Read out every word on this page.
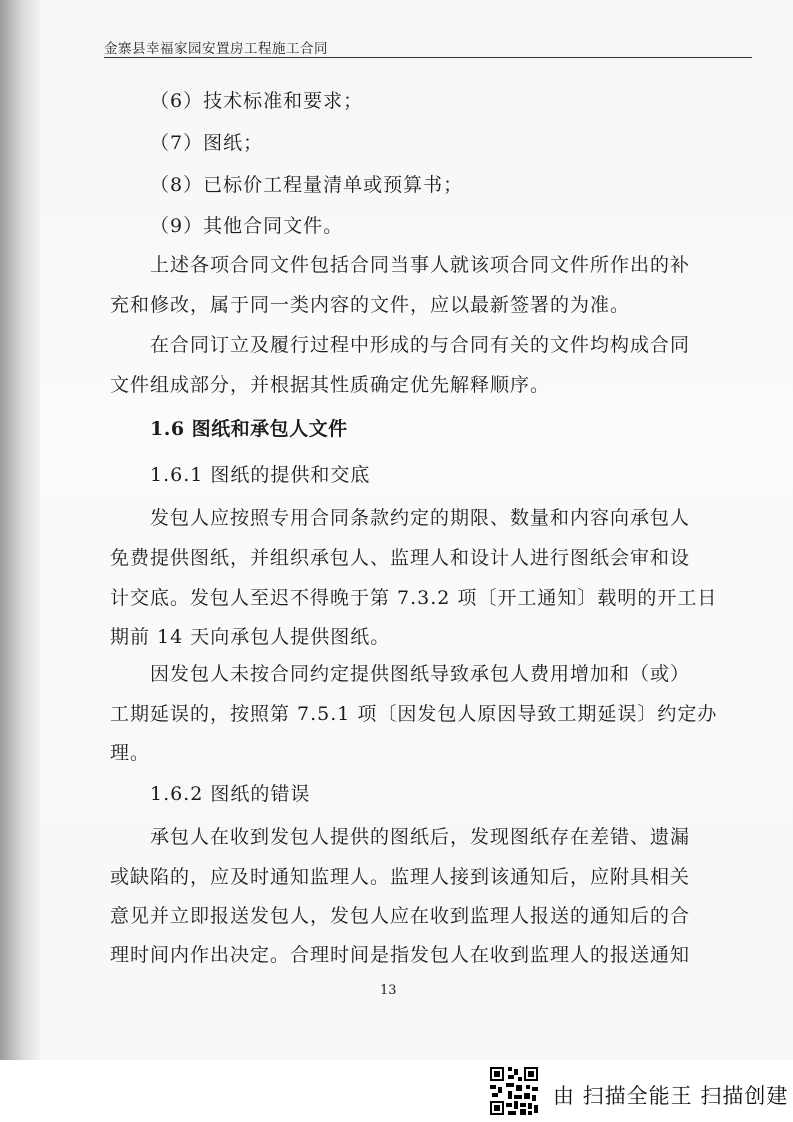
金寨县幸福家园安置房工程施工合同
（6）技术标准和要求；
（7）图纸；
（8）已标价工程量清单或预算书；
（9）其他合同文件。
上述各项合同文件包括合同当事人就该项合同文件所作出的补
充和修改，属于同一类内容的文件，应以最新签署的为准。
在合同订立及履行过程中形成的与合同有关的文件均构成合同
文件组成部分，并根据其性质确定优先解释顺序。
1.6 图纸和承包人文件
1.6.1 图纸的提供和交底
发包人应按照专用合同条款约定的期限、数量和内容向承包人
免费提供图纸，并组织承包人、监理人和设计人进行图纸会审和设
计交底。发包人至迟不得晚于第 7.3.2 项〔开工通知〕载明的开工日
期前 14 天向承包人提供图纸。
因发包人未按合同约定提供图纸导致承包人费用增加和（或）
工期延误的，按照第 7.5.1 项〔因发包人原因导致工期延误〕约定办
理。
1.6.2 图纸的错误
承包人在收到发包人提供的图纸后，发现图纸存在差错、遗漏
或缺陷的，应及时通知监理人。监理人接到该通知后，应附具相关
意见并立即报送发包人，发包人应在收到监理人报送的通知后的合
理时间内作出决定。合理时间是指发包人在收到监理人的报送通知
13
由 扫描全能王 扫描创建
